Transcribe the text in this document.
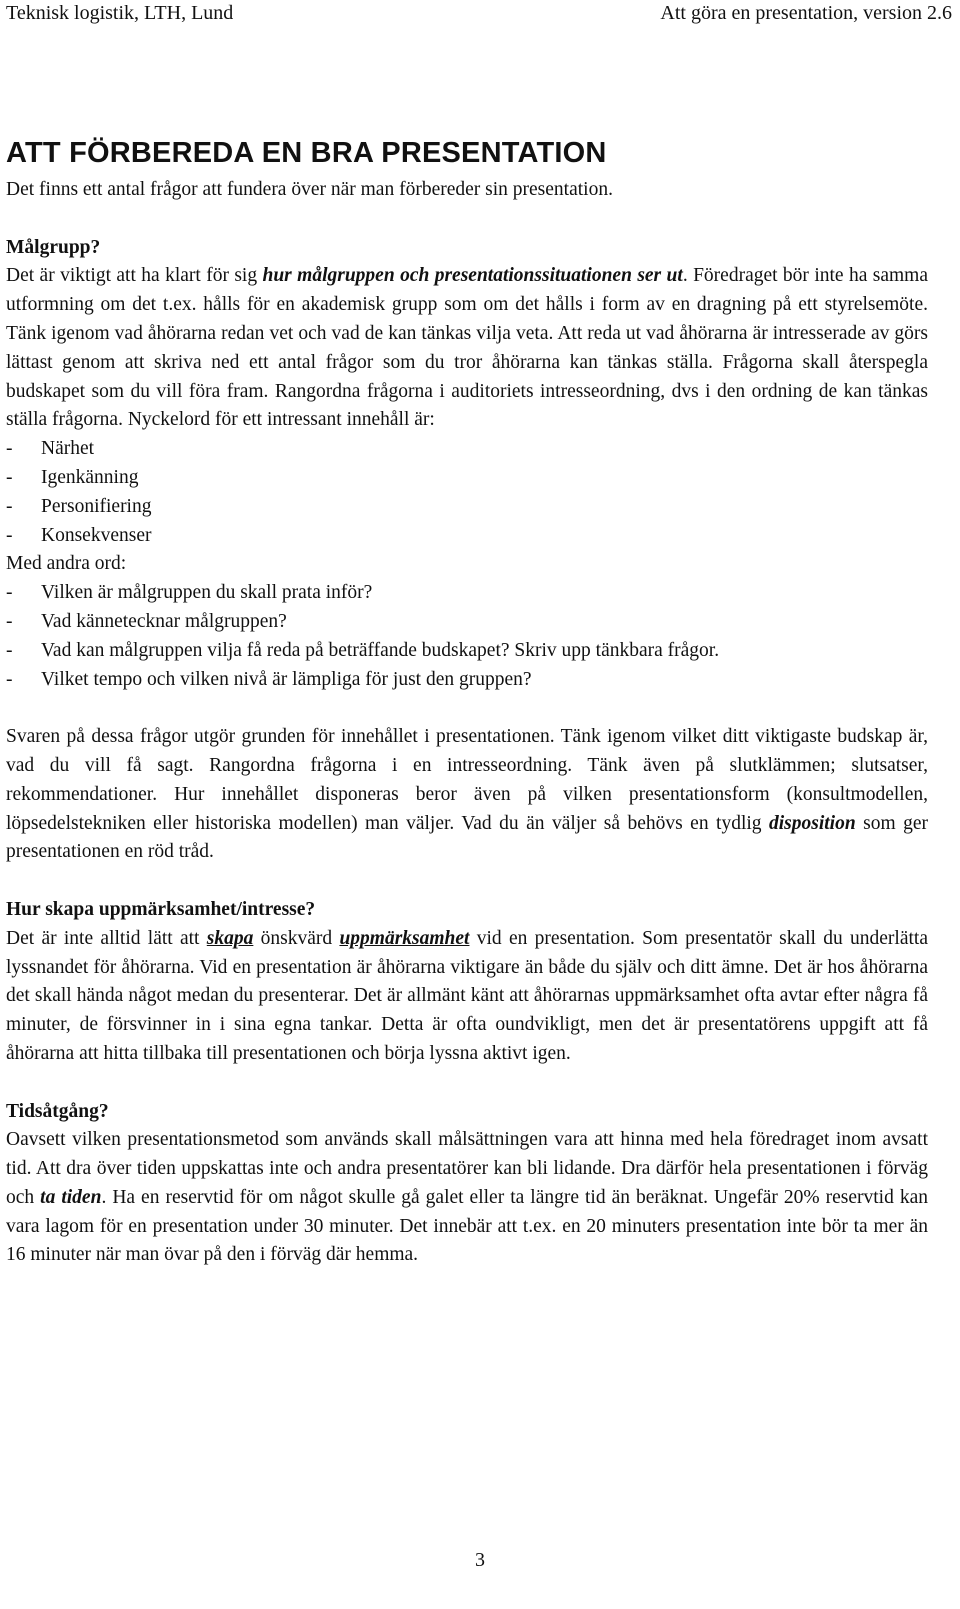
Teknisk logistik, LTH, Lund	Att göra en presentation, version 2.6
ATT FÖRBEREDA EN BRA PRESENTATION

Det finns ett antal frågor att fundera över när man förbereder sin presentation.

Målgrupp?

Det är viktigt att ha klart för sig hur målgruppen och presentationssituationen ser ut. Föredraget bör inte ha samma utformning om det t.ex. hålls för en akademisk grupp som om det hålls i form av en dragning på ett styrelsemöte. Tänk igenom vad åhörarna redan vet och vad de kan tänkas vilja veta. Att reda ut vad åhörarna är intresserade av görs lättast genom att skriva ned ett antal frågor som du tror åhörarna kan tänkas ställa. Frågorna skall återspegla budskapet som du vill föra fram. Rangordna frågorna i auditoriets intresseordning, dvs i den ordning de kan tänkas ställa frågorna. Nyckelord för ett intressant innehåll är:

- Närhet
- Igenkänning
- Personifiering
- Konsekvenser

Med andra ord:

- Vilken är målgruppen du skall prata inför?
- Vad kännetecknar målgruppen?
- Vad kan målgruppen vilja få reda på beträffande budskapet? Skriv upp tänkbara frågor.
- Vilket tempo och vilken nivå är lämpliga för just den gruppen?

Svaren på dessa frågor utgör grunden för innehållet i presentationen. Tänk igenom vilket ditt viktigaste budskap är, vad du vill få sagt. Rangordna frågorna i en intresseordning. Tänk även på slutklämmen; slutsatser, rekommendationer. Hur innehållet disponeras beror även på vilken presentationsform (konsultmodellen, löpsedelstekniken eller historiska modellen) man väljer. Vad du än väljer så behövs en tydlig disposition som ger presentationen en röd tråd.

Hur skapa uppmärksamhet/intresse?

Det är inte alltid lätt att skapa önskvärd uppmärksamhet vid en presentation. Som presentatör skall du underlätta lyssnandet för åhörarna. Vid en presentation är åhörarna viktigare än både du själv och ditt ämne. Det är hos åhörarna det skall hända något medan du presenterar. Det är allmänt känt att åhörarnas uppmärksamhet ofta avtar efter några få minuter, de försvinner in i sina egna tankar. Detta är ofta oundvikligt, men det är presentatörens uppgift att få åhörarna att hitta tillbaka till presentationen och börja lyssna aktivt igen.

Tidsåtgång?

Oavsett vilken presentationsmetod som används skall målsättningen vara att hinna med hela föredraget inom avsatt tid. Att dra över tiden uppskattas inte och andra presentatörer kan bli lidande. Dra därför hela presentationen i förväg och ta tiden. Ha en reservtid för om något skulle gå galet eller ta längre tid än beräknat. Ungefär 20% reservtid kan vara lagom för en presentation under 30 minuter. Det innebär att t.ex. en 20 minuters presentation inte bör ta mer än 16 minuter när man övar på den i förväg där hemma.

3
